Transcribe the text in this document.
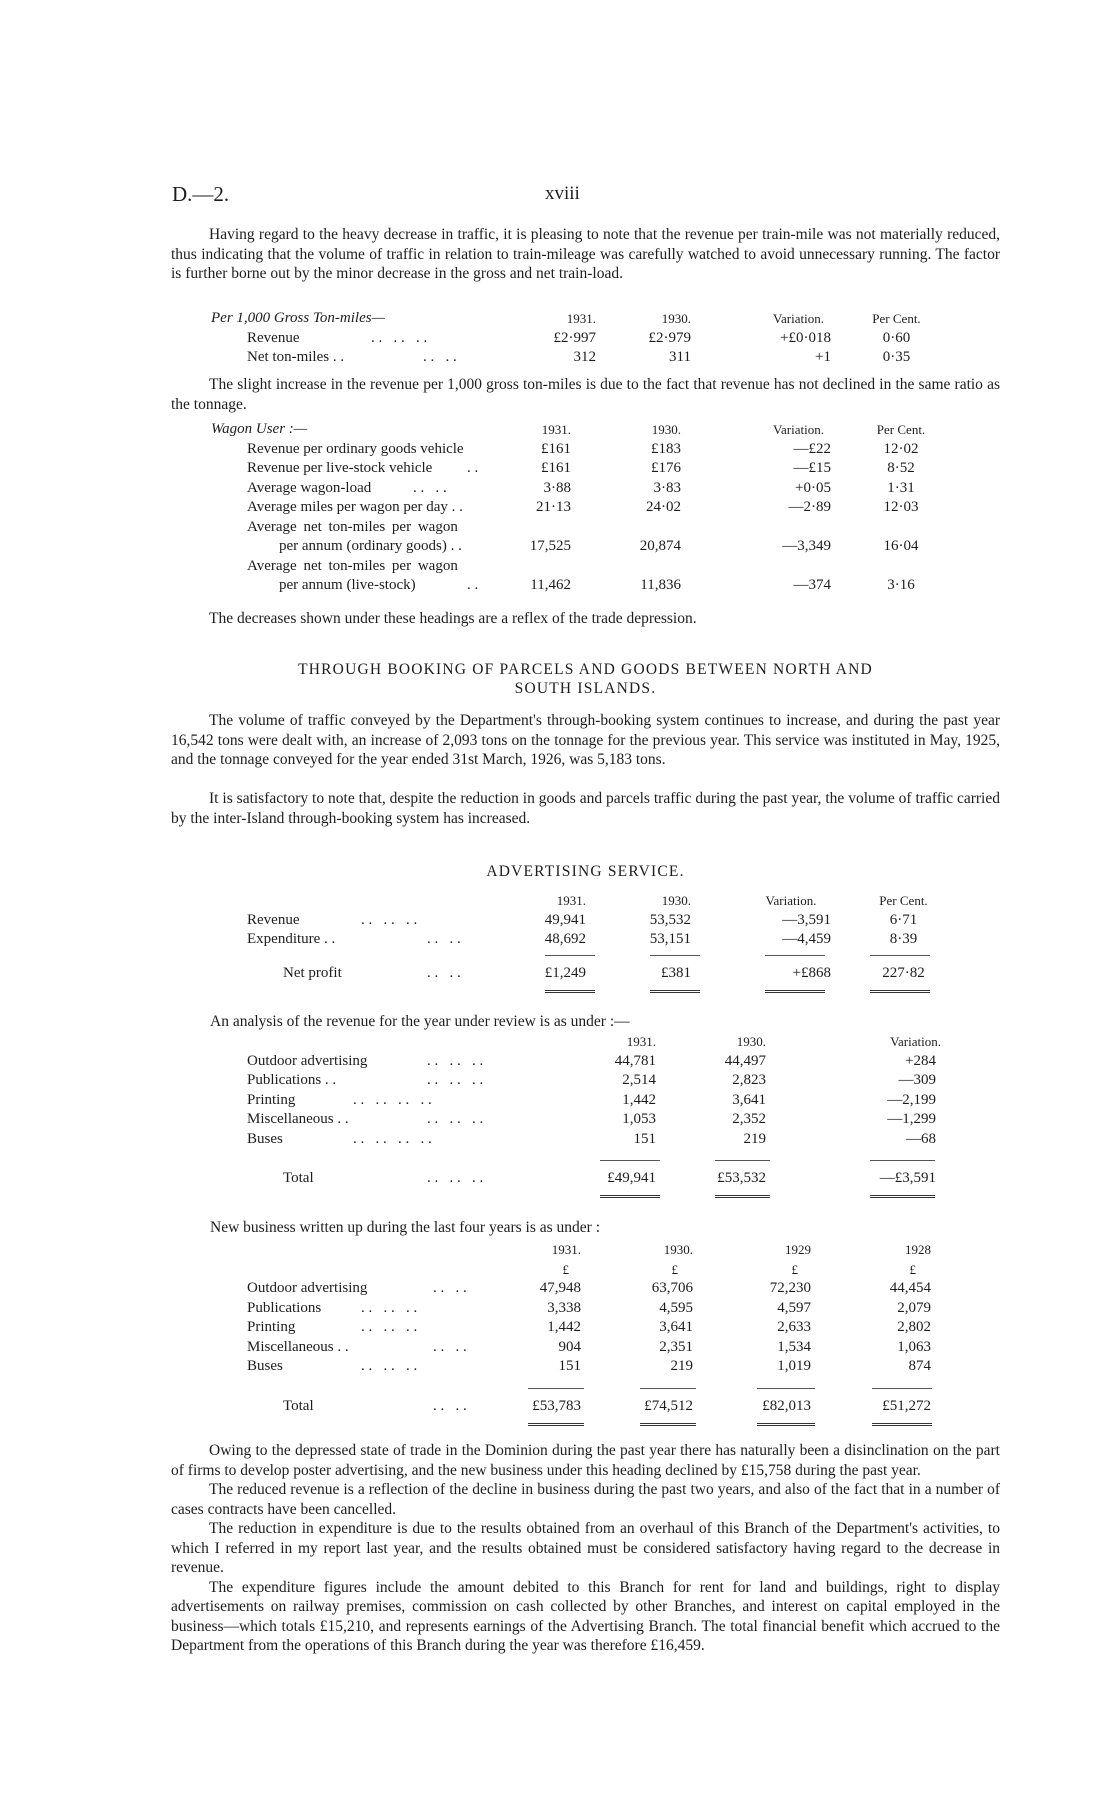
D.—2.	xviii
Having regard to the heavy decrease in traffic, it is pleasing to note that the revenue per train-mile was not materially reduced, thus indicating that the volume of traffic in relation to train-mileage was carefully watched to avoid unnecessary running. The factor is further borne out by the minor decrease in the gross and net train-load.
Per 1,000 Gross Ton-miles—	1931.	1930.	Variation.	Per Cent.
Revenue	. .   . .   . .	£2·997	£2·979	+£0·018	0·60
Net ton-miles . .	. .   . .	312	311	+1	0·35
The slight increase in the revenue per 1,000 gross ton-miles is due to the fact that revenue has not declined in the same ratio as the tonnage.
Wagon User :—	1931.	1930.	Variation.	Per Cent.
Revenue per ordinary goods vehicle	£161	£183	—£22	12·02
Revenue per live-stock vehicle . .	£161	£176	—£15	8·52
Average wagon-load	. .   . .	3·88	3·83	+0·05	1·31
Average miles per wagon per day . .	21·13	24·02	—2·89	12·03
Average net ton-miles per wagon
per annum (ordinary goods) . .	17,525	20,874	—3,349	16·04
Average net ton-miles per wagon
per annum (live-stock)	. .	11,462	11,836	—374	3·16
The decreases shown under these headings are a reflex of the trade depression.
THROUGH BOOKING OF PARCELS AND GOODS BETWEEN NORTH AND
SOUTH ISLANDS.
The volume of traffic conveyed by the Department's through-booking system continues to increase, and during the past year 16,542 tons were dealt with, an increase of 2,093 tons on the tonnage for the previous year. This service was instituted in May, 1925, and the tonnage conveyed for the year ended 31st March, 1926, was 5,183 tons.
It is satisfactory to note that, despite the reduction in goods and parcels traffic during the past year, the volume of traffic carried by the inter-Island through-booking system has increased.
ADVERTISING SERVICE.
1931.	1930.	Variation.	Per Cent.
Revenue	. .   . .   . .	49,941	53,532	—3,591	6·71
Expenditure . .	. .   . .	48,692	53,151	—4,459	8·39
Net profit	. .   . .	£1,249	£381	+£868	227·82
An analysis of the revenue for the year under review is as under :—
1931.	1930.	Variation.
Outdoor advertising	. .   . .   . .	44,781	44,497	+284
Publications . .	. .   . .   . .	2,514	2,823	—309
Printing	. .   . .   . .   . .	1,442	3,641	—2,199
Miscellaneous . .	. .   . .   . .	1,053	2,352	—1,299
Buses	. .   . .   . .   . .	151	219	—68
Total	. .   . .   . .	£49,941	£53,532	—£3,591
New business written up during the last four years is as under :
1931.	1930.	1929	1928
£	£	£	£
Outdoor advertising	. .   . .	47,948	63,706	72,230	44,454
Publications	. .   . .   . .	3,338	4,595	4,597	2,079
Printing	. .   . .   . .	1,442	3,641	2,633	2,802
Miscellaneous . .	. .   . .	904	2,351	1,534	1,063
Buses	. .   . .   . .	151	219	1,019	874
Total	. .   . .	£53,783	£74,512	£82,013	£51,272
Owing to the depressed state of trade in the Dominion during the past year there has naturally been a disinclination on the part of firms to develop poster advertising, and the new business under this heading declined by £15,758 during the past year.
The reduced revenue is a reflection of the decline in business during the past two years, and also of the fact that in a number of cases contracts have been cancelled.
The reduction in expenditure is due to the results obtained from an overhaul of this Branch of the Department's activities, to which I referred in my report last year, and the results obtained must be considered satisfactory having regard to the decrease in revenue.
The expenditure figures include the amount debited to this Branch for rent for land and buildings, right to display advertisements on railway premises, commission on cash collected by other Branches, and interest on capital employed in the business—which totals £15,210, and represents earnings of the Advertising Branch. The total financial benefit which accrued to the Department from the operations of this Branch during the year was therefore £16,459.
